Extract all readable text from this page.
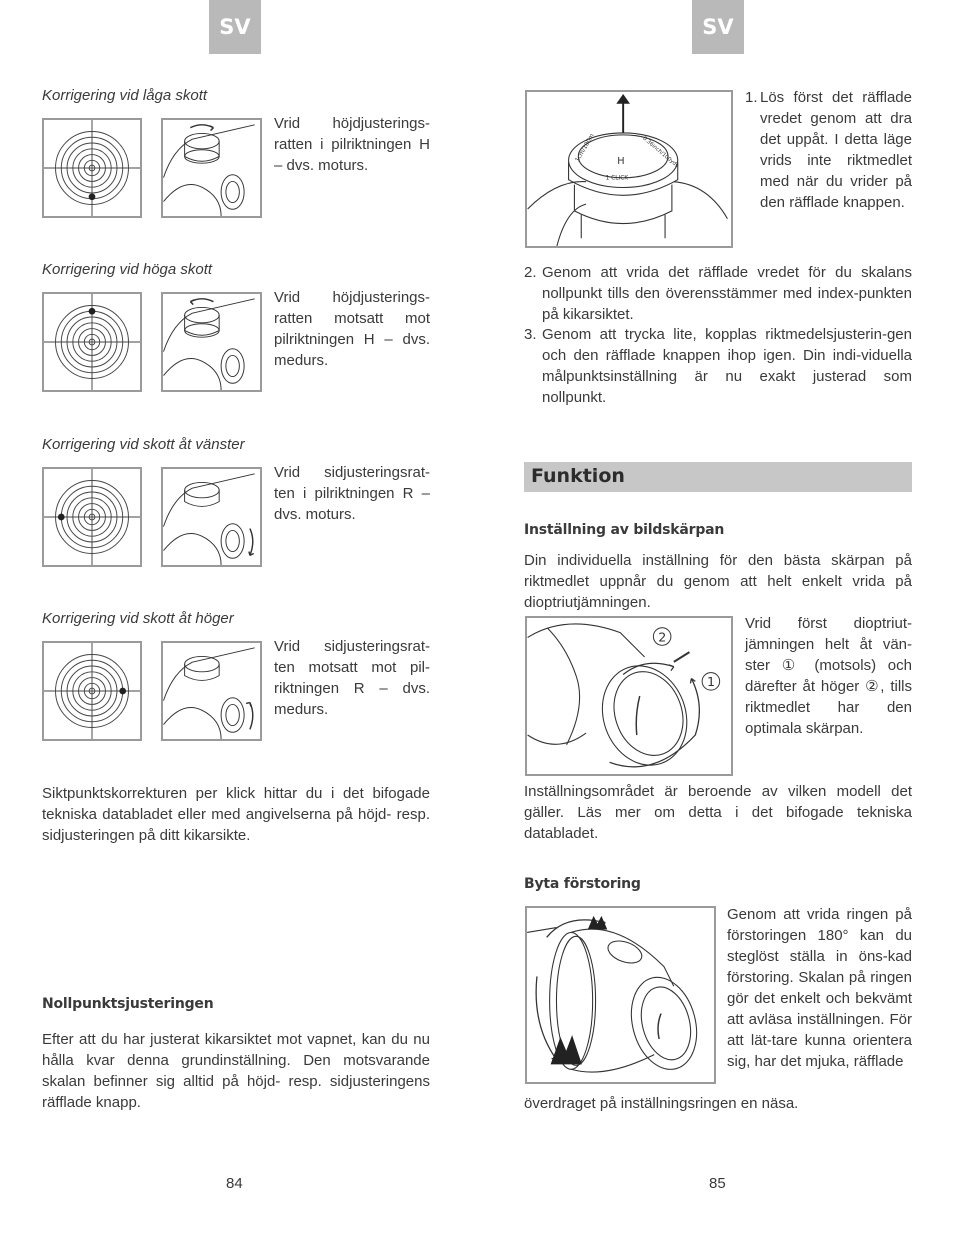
SV
Korrigering vid låga skott
Vrid höjdjusterings-ratten i pilriktningen H – dvs. moturs.
Korrigering vid höga skott
Vrid höjdjusterings-ratten motsatt mot pilriktningen H – dvs. medurs.
Korrigering vid skott åt vänster
Vrid sidjusteringsrat-ten i pilriktningen R – dvs. moturs.
Korrigering vid skott åt höger
Vrid sidjusteringsrat-ten motsatt mot pil-riktningen R – dvs. medurs.
Siktpunktskorrekturen per klick hittar du i det bifogade tekniska databladet eller med angivelserna på höjd- resp. sidjusteringen på ditt kikarsikte.
Nollpunktsjusteringen
Efter att du har justerat kikarsiktet mot vapnet, kan du nu hålla kvar denna grundinställning. Den motsvarande skalan befinner sig alltid på höjd- resp. sidjusteringens räfflade knapp.
84
SV
H
1 CLICK
1cm/100m	0.36inch/100yds
1. Lös först det räfflade vredet genom att dra det uppåt. I detta läge vrids inte riktmedlet med när du vrider på den räfflade knappen.
2. Genom att vrida det räfflade vredet för du skalans nollpunkt tills den överensstämmer med index-punkten på kikarsiktet.
3. Genom att trycka lite, kopplas riktmedelsjusterin-gen och den räfflade knappen ihop igen. Din indi-viduella målpunktsinställning är nu exakt justerad som nollpunkt.
Funktion
Inställning av bildskärpan
Din individuella inställning för den bästa skärpan på riktmedlet uppnår du genom att helt enkelt vrida på dioptriutjämningen.
2
1
Vrid först dioptriut-jämningen helt åt vän-ster ① (motsols) och därefter åt höger ②, tills riktmedlet har den optimala skärpan.
Inställningsområdet är beroende av vilken modell det gäller. Läs mer om detta i det bifogade tekniska databladet.
Byta förstoring
Genom att vrida ringen på förstoringen 180° kan du steglöst ställa in öns-kad förstoring. Skalan på ringen gör det enkelt och bekvämt att avläsa inställningen. För att lät-tare kunna orientera sig, har det mjuka, räfflade
överdraget på inställningsringen en näsa.
85
